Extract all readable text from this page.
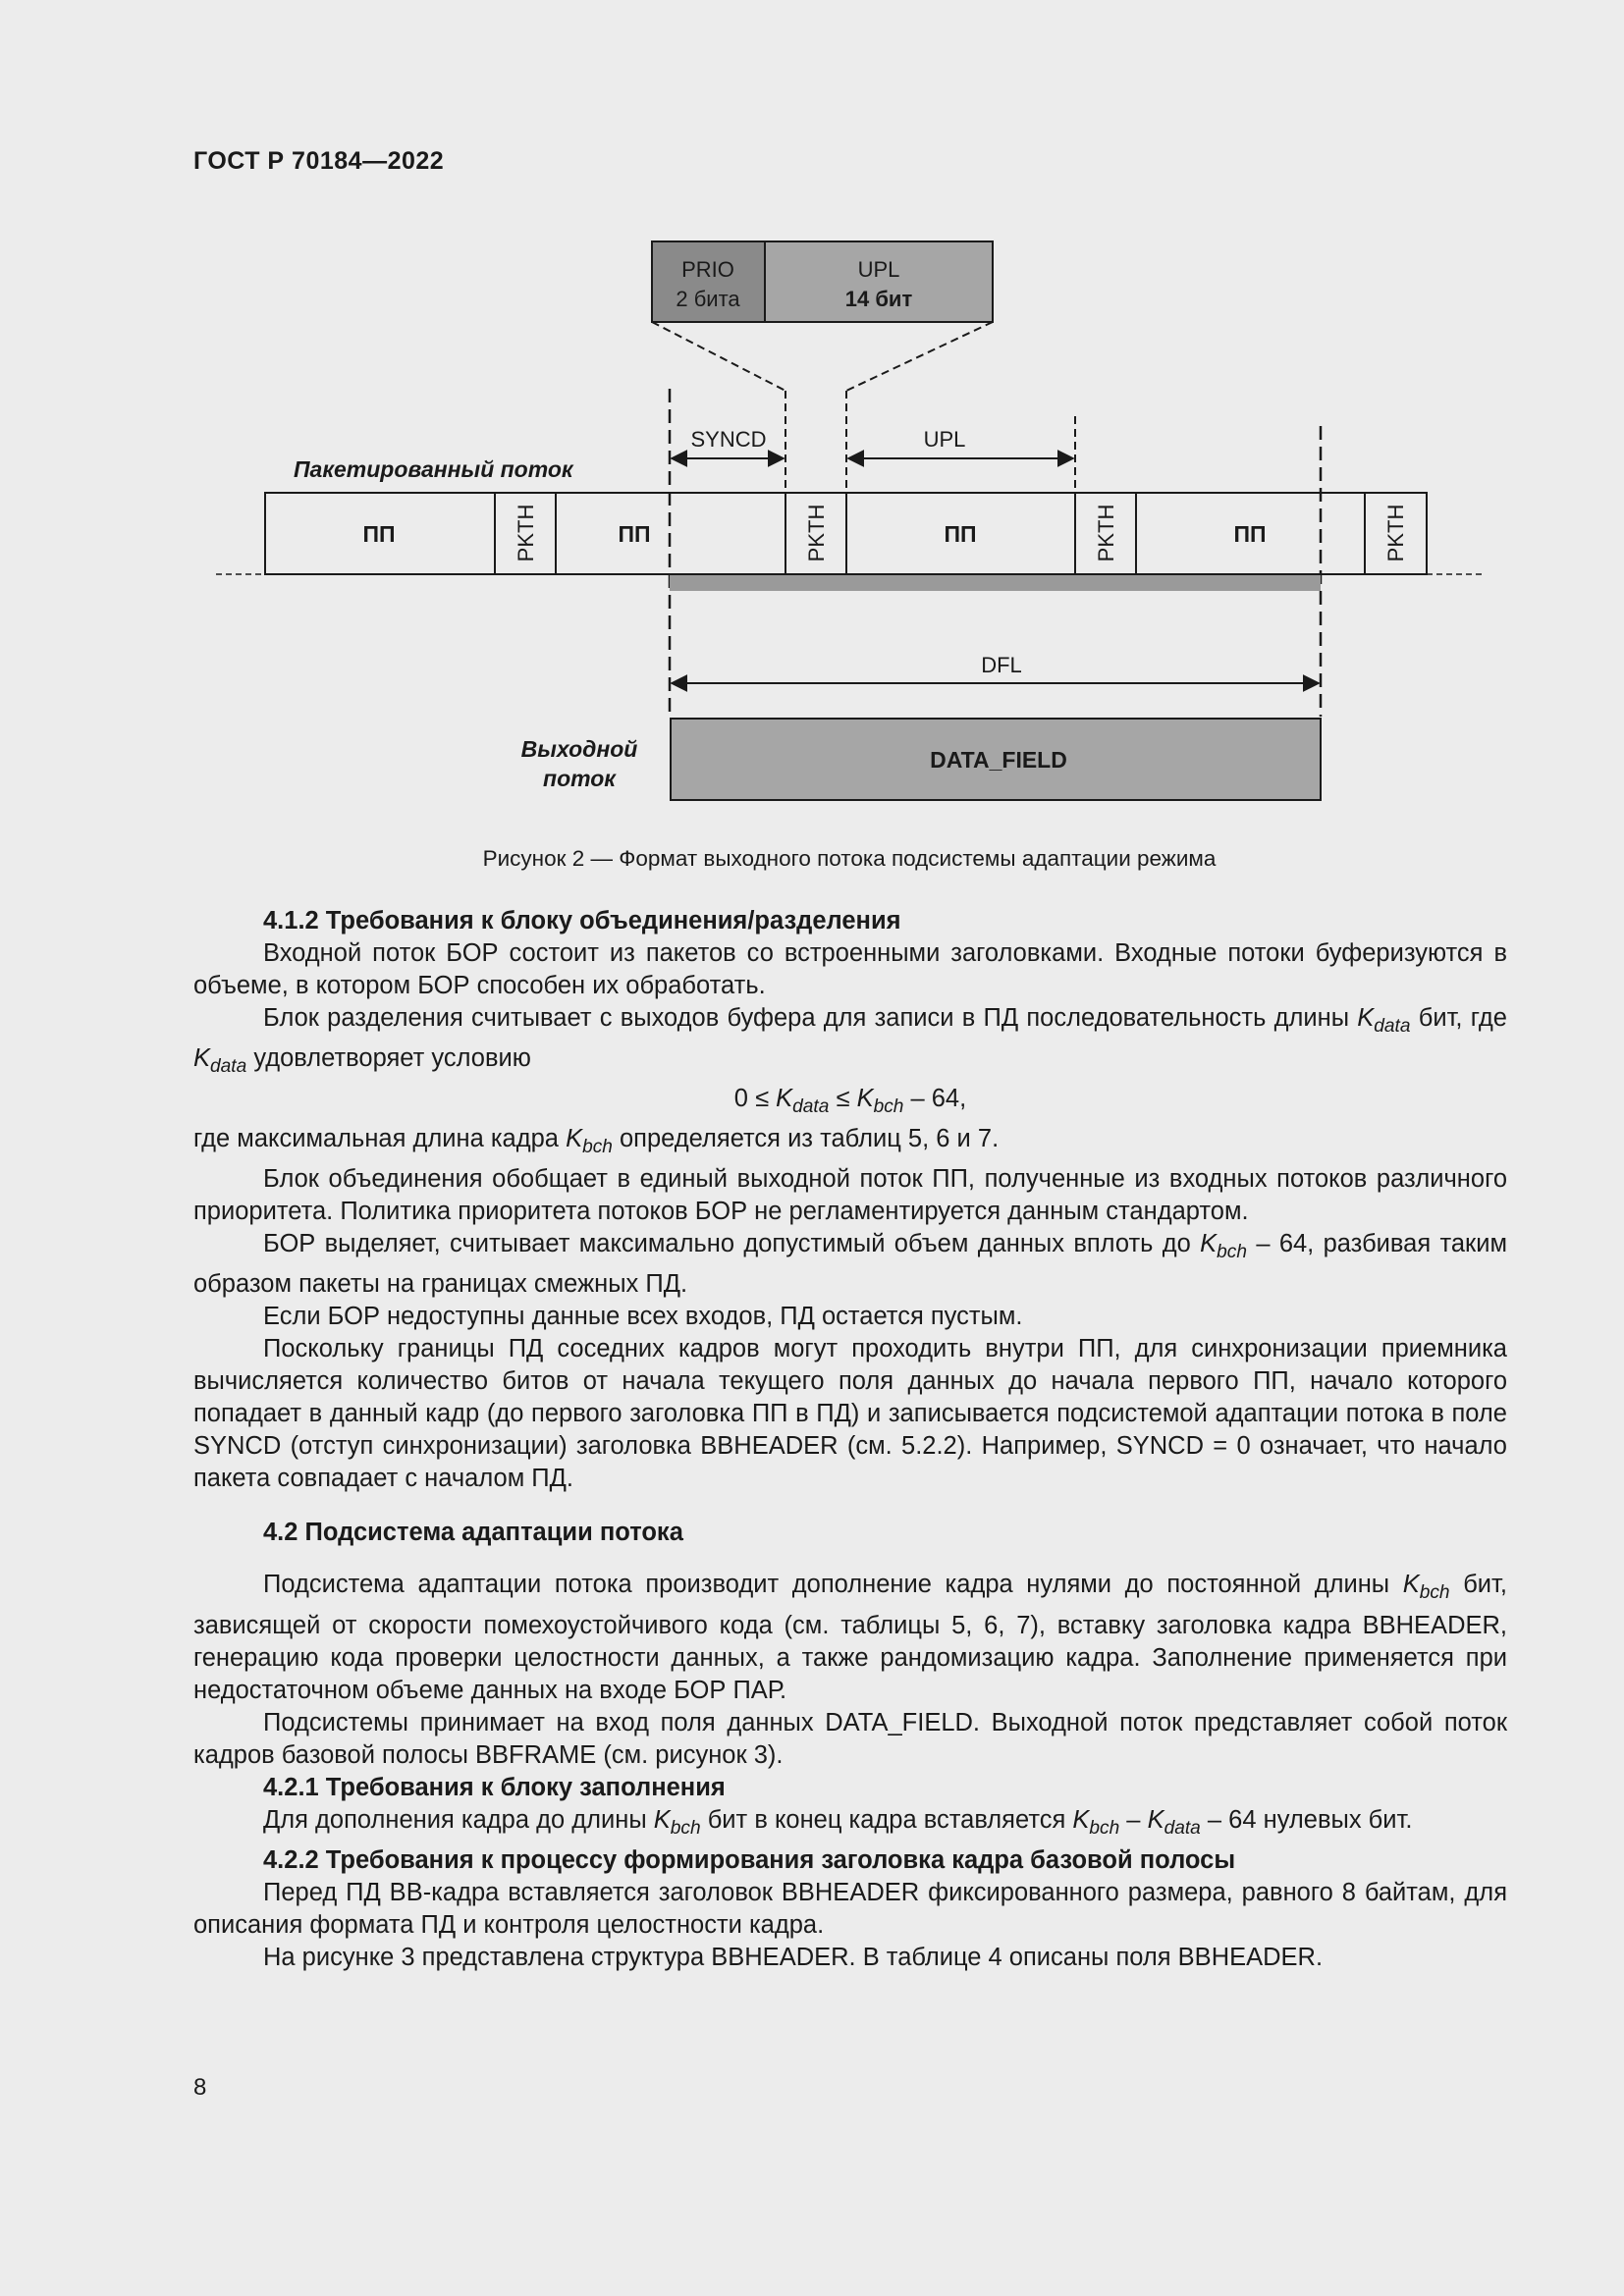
ГОСТ Р 70184—2022
PRIO
2 бита
UPL
14 бит
SYNCD	UPL
Пакетированный поток
ПП	PKTH	ПП	PKTH	ПП	PKTH	ПП	PKTH
DFL
Выходной
поток
DATA_FIELD
Рисунок 2 — Формат выходного потока подсистемы адаптации режима

4.1.2 Требования к блоку объединения/разделения

Входной поток БОР состоит из пакетов со встроенными заголовками. Входные потоки буферизуются в объеме, в котором БОР способен их обработать.

Блок разделения считывает с выходов буфера для записи в ПД последовательность длины $K_{data}$ бит, где $K_{data}$ удовлетворяет условию

$0 \le K_{data} \le K_{bch} - 64$,

где максимальная длина кадра $K_{bch}$ определяется из таблиц 5, 6 и 7.

Блок объединения обобщает в единый выходной поток ПП, полученные из входных потоков различного приоритета. Политика приоритета потоков БОР не регламентируется данным стандартом.

БОР выделяет, считывает максимально допустимый объем данных вплоть до $K_{bch} - 64$, разбивая таким образом пакеты на границах смежных ПД.

Если БОР недоступны данные всех входов, ПД остается пустым.

Поскольку границы ПД соседних кадров могут проходить внутри ПП, для синхронизации приемника вычисляется количество битов от начала текущего поля данных до начала первого ПП, начало которого попадает в данный кадр (до первого заголовка ПП в ПД) и записывается подсистемой адаптации потока в поле SYNCD (отступ синхронизации) заголовка BBHEADER (см. 5.2.2). Например, SYNCD = 0 означает, что начало пакета совпадает с началом ПД.

4.2 Подсистема адаптации потока

Подсистема адаптации потока производит дополнение кадра нулями до постоянной длины $K_{bch}$ бит, зависящей от скорости помехоустойчивого кода (см. таблицы 5, 6, 7), вставку заголовка кадра BBHEADER, генерацию кода проверки целостности данных, а также рандомизацию кадра. Заполнение применяется при недостаточном объеме данных на входе БОР ПАР.

Подсистемы принимает на вход поля данных DATA_FIELD. Выходной поток представляет собой поток кадров базовой полосы BBFRAME (см. рисунок 3).

4.2.1 Требования к блоку заполнения

Для дополнения кадра до длины $K_{bch}$ бит в конец кадра вставляется $K_{bch} - K_{data} - 64$ нулевых бит.

4.2.2 Требования к процессу формирования заголовка кадра базовой полосы

Перед ПД BB-кадра вставляется заголовок BBHEADER фиксированного размера, равного 8 байтам, для описания формата ПД и контроля целостности кадра.

На рисунке 3 представлена структура BBHEADER. В таблице 4 описаны поля BBHEADER.

8
